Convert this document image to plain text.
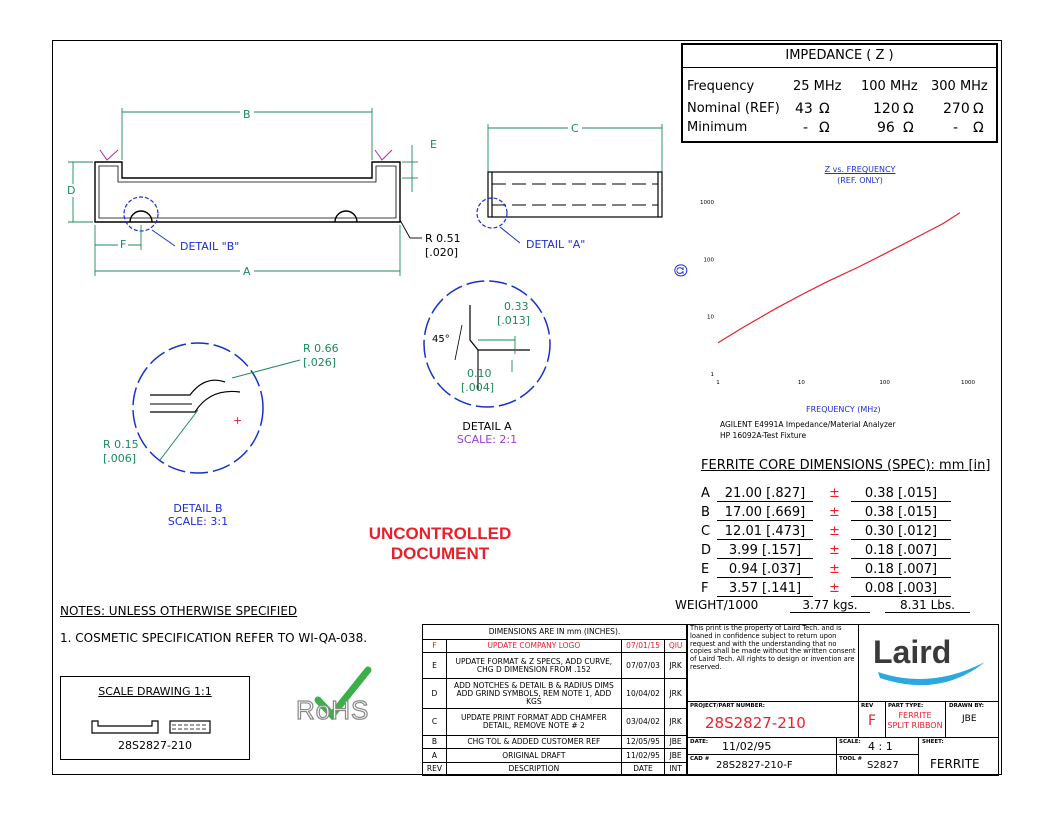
+
B
C
D
E
F
A
DETAIL "B"	DETAIL "A"
R 0.51
[.020]
R 0.66
[.026]
R 0.15
[.006]
DETAIL B
SCALE: 3:1
45°
0.33
[.013]
0.10
[.004]
DETAIL A
SCALE: 2:1
UNCONTROLLED
DOCUMENT
IMPEDANCE ( Z )
Frequency	25 MHz 100 MHz 300 MHz
Nominal (REF) 43 Ω	120 Ω 270 Ω
Minimum	- Ω	96 Ω	- Ω
Z vs. FREQUENCY
(REF. ONLY)
1	10	100	1000
1000
100
10
1
Ω
FREQUENCY (MHz)
AGILENT E4991A Impedance/Material Analyzer
HP 16092A-Test Fixture
FERRITE CORE DIMENSIONS (SPEC): mm [in]
A	21.00 [.827]	±	0.38 [.015]
B	17.00 [.669]	±	0.38 [.015]
C	12.01 [.473]	±	0.30 [.012]
D	3.99 [.157]	±	0.18 [.007]
E	0.94 [.037]	±	0.18 [.007]
F	3.57 [.141]	±	0.08 [.003]
WEIGHT/1000	3.77 kgs.	8.31 Lbs.
NOTES: UNLESS OTHERWISE SPECIFIED
1. COSMETIC SPECIFICATION REFER TO WI-QA-038.
SCALE DRAWING 1:1
28S2827-210
RoHS
DIMENSIONS ARE IN mm (INCHES).			
F	UPDATE COMPANY LOGO	07/01/15	QIU
E	UPDATE FORMAT & Z SPECS, ADD CURVE, CHG D DIMENSION FROM .152	07/07/03	JRK
D	ADD NOTCHES & DETAIL B & RADIUS DIMS ADD GRIND SYMBOLS, REM NOTE 1, ADD KGS	10/04/02	JRK
C	UPDATE PRINT FORMAT ADD CHAMFER DETAIL, REMOVE NOTE # 2	03/04/02	JRK
B	CHG TOL & ADDED CUSTOMER REF	12/05/95	JBE
A	ORIGINAL DRAFT	11/02/95	JBE
REV	DESCRIPTION	DATE	INT
This print is the property of Laird Tech. and is loaned in confidence subject to return upon request and with the understanding that no copies shall be made without the written consent of Laird Tech. All rights to design or invention are reserved.	Laird
PROJECT/PART NUMBER:
28S2827-210
REV
F
PART TYPE:
FERRITE SPLIT RIBBON
DRAWN BY:
JBE
DATE: 11/02/95	SCALE: 4 : 1	SHEET:
CAD #
28S2827-210-F
TOOL #
S2827	FERRITE
